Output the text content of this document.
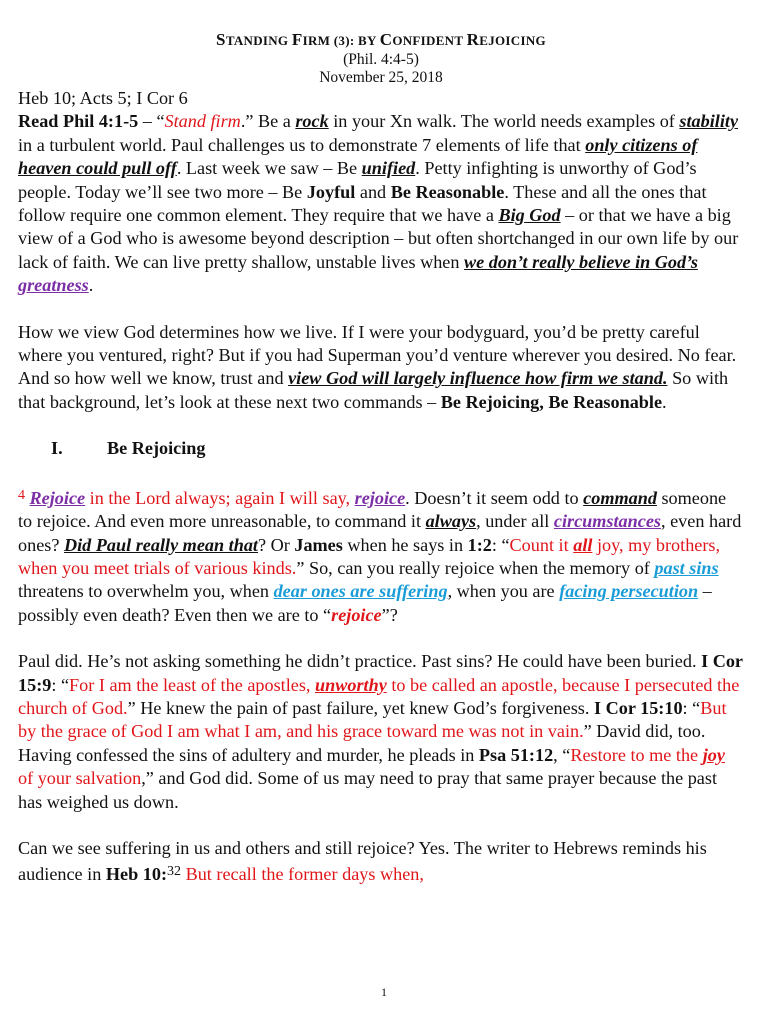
STANDING FIRM (3): BY CONFIDENT REJOICING
(Phil. 4:4-5)
November 25, 2018

Heb 10; Acts 5; I Cor 6

Read Phil 4:1-5 – “Stand firm.” Be a rock in your Xn walk. The world needs examples of stability in a turbulent world. Paul challenges us to demonstrate 7 elements of life that only citizens of heaven could pull off. Last week we saw – Be unified. Petty infighting is unworthy of God’s people. Today we’ll see two more – Be Joyful and Be Reasonable. These and all the ones that follow require one common element. They require that we have a Big God – or that we have a big view of a God who is awesome beyond description – but often shortchanged in our own life by our lack of faith. We can live pretty shallow, unstable lives when we don’t really believe in God’s greatness.

How we view God determines how we live. If I were your bodyguard, you’d be pretty careful where you ventured, right? But if you had Superman you’d venture wherever you desired. No fear. And so how well we know, trust and view God will largely influence how firm we stand. So with that background, let’s look at these next two commands – Be Rejoicing, Be Reasonable.

I.	Be Rejoicing

$^4$ Rejoice in the Lord always; again I will say, rejoice. Doesn’t it seem odd to command someone to rejoice. And even more unreasonable, to command it always, under all circumstances, even hard ones? Did Paul really mean that? Or James when he says in 1:2: “Count it all joy, my brothers, when you meet trials of various kinds.” So, can you really rejoice when the memory of past sins threatens to overwhelm you, when dear ones are suffering, when you are facing persecution – possibly even death? Even then we are to “rejoice”?

Paul did. He’s not asking something he didn’t practice. Past sins? He could have been buried. I Cor 15:9: “For I am the least of the apostles, unworthy to be called an apostle, because I persecuted the church of God.” He knew the pain of past failure, yet knew God’s forgiveness. I Cor 15:10: “But by the grace of God I am what I am, and his grace toward me was not in vain.” David did, too. Having confessed the sins of adultery and murder, he pleads in Psa 51:12, “Restore to me the joy of your salvation,” and God did. Some of us may need to pray that same prayer because the past has weighed us down.

Can we see suffering in us and others and still rejoice? Yes. The writer to Hebrews reminds his audience in Heb 10:$^{32}$ But recall the former days when,

1
